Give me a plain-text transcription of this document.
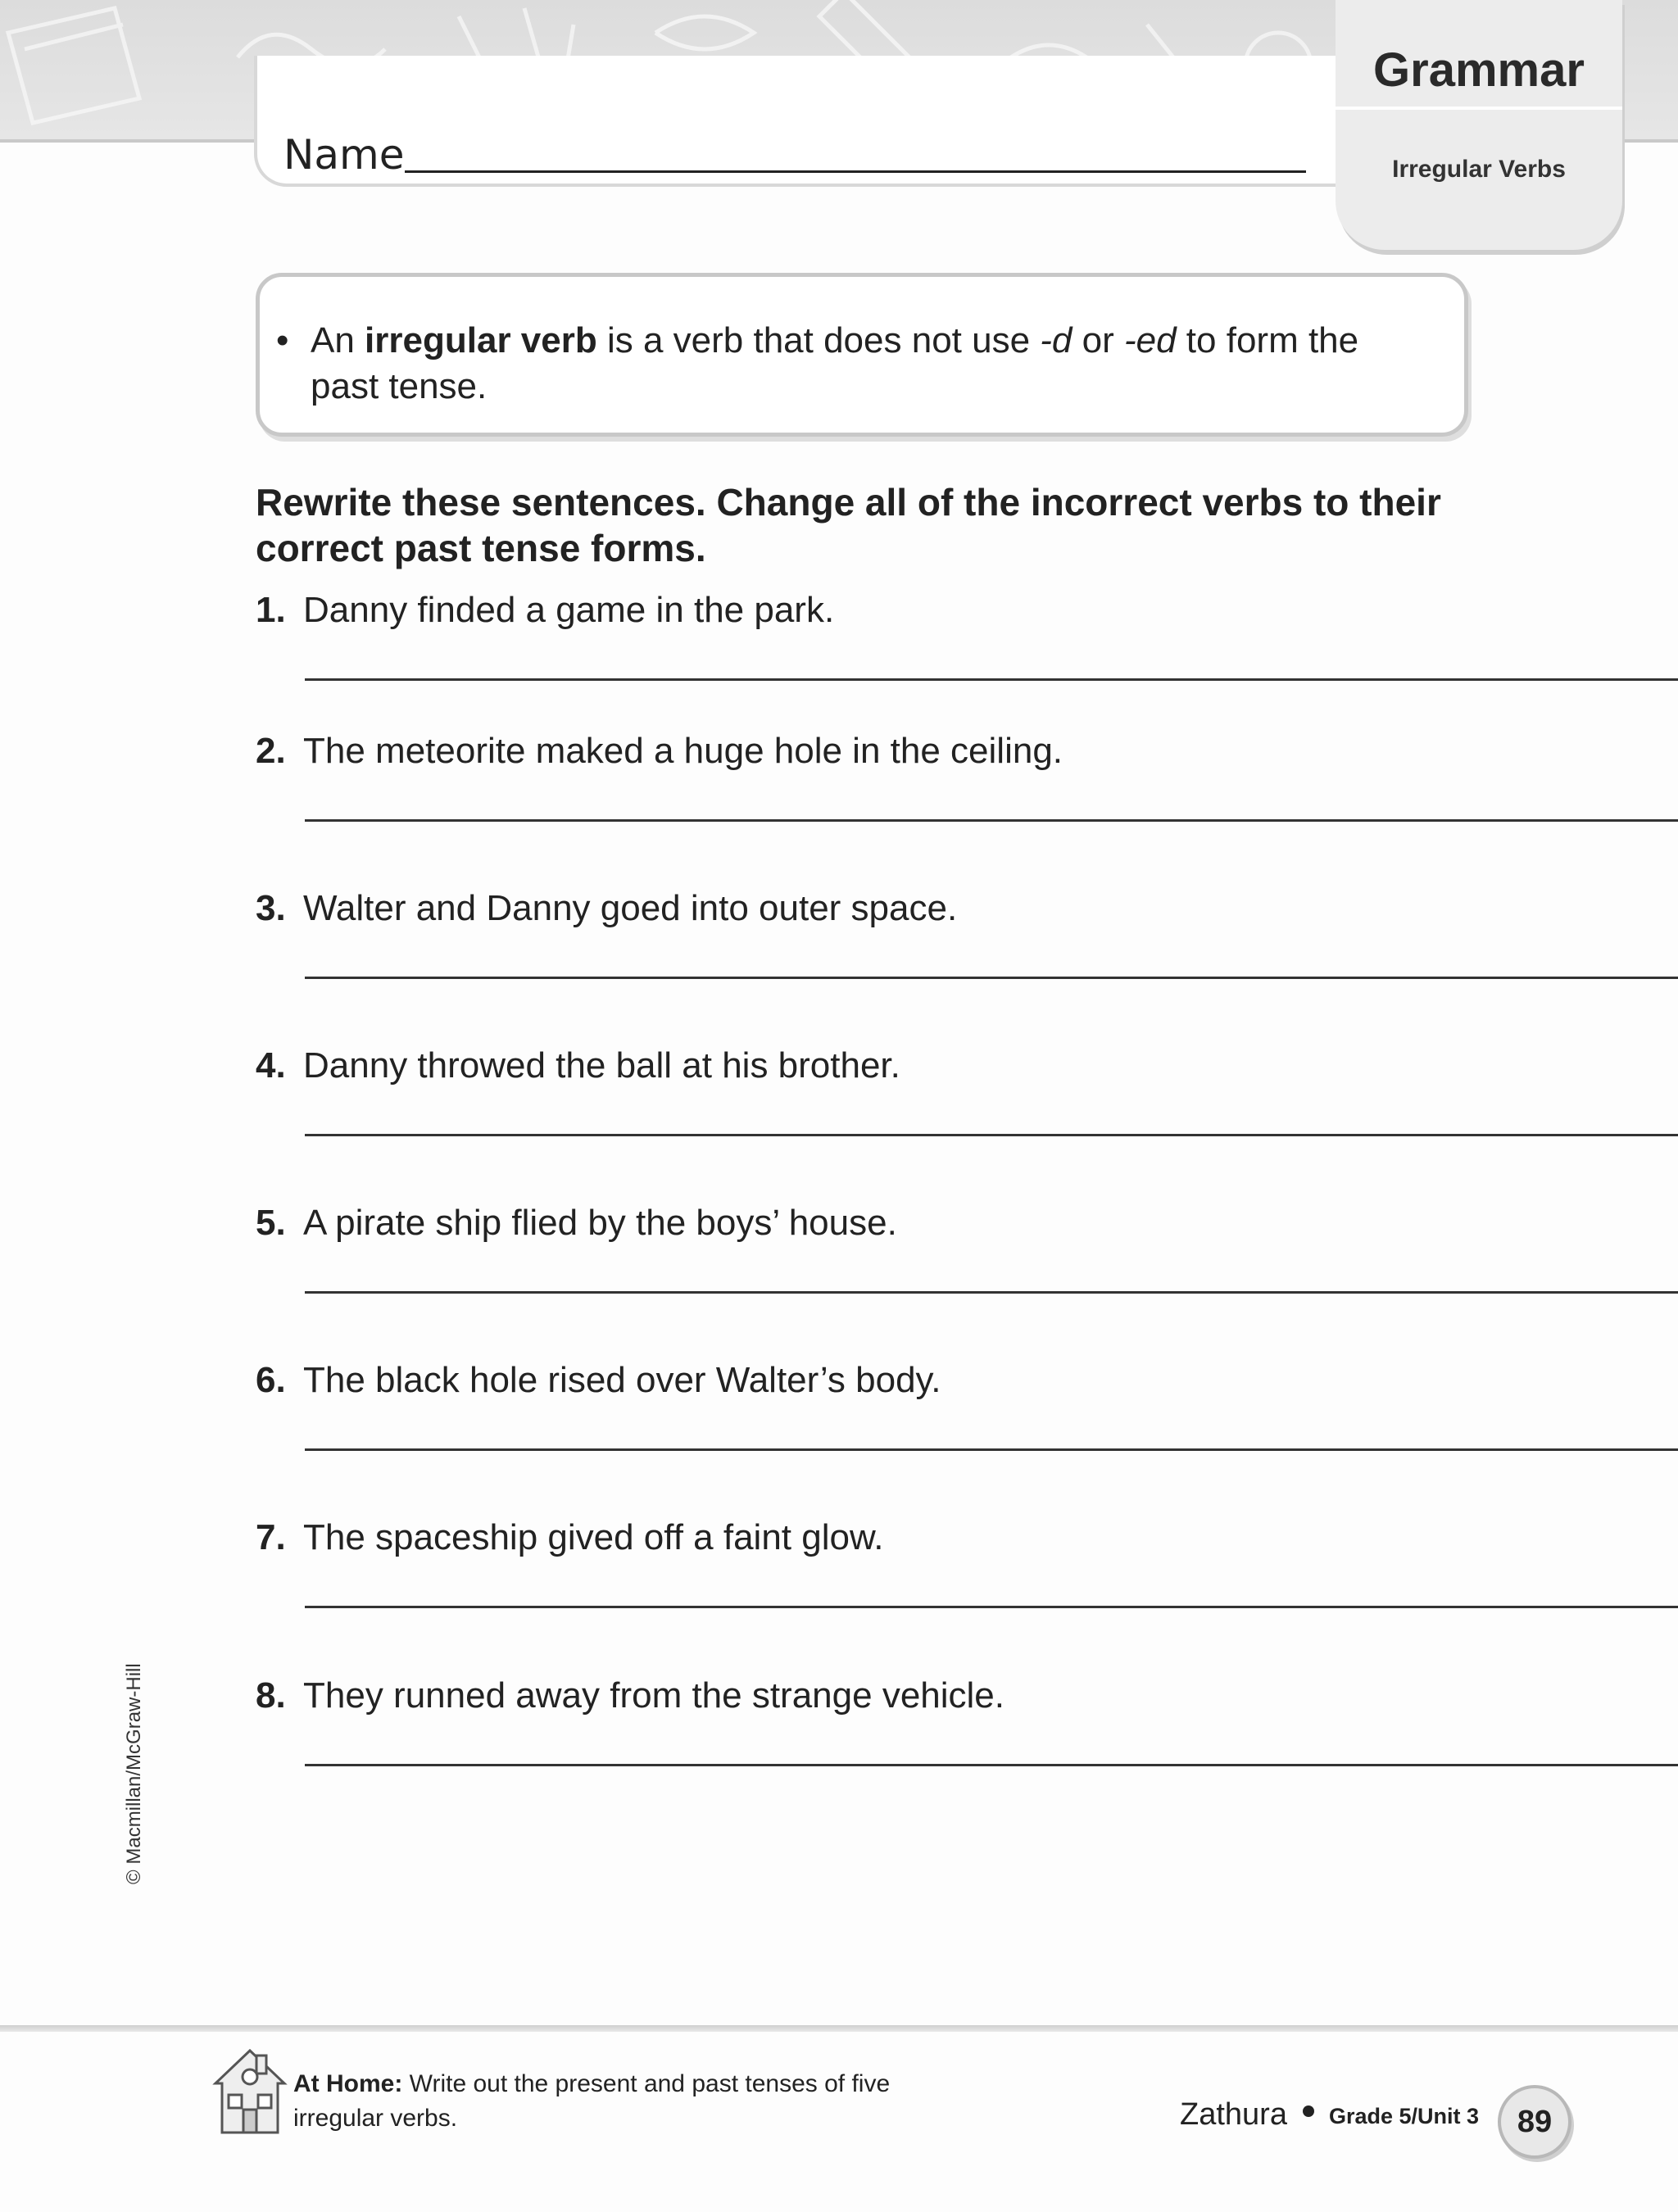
Name
Grammar
Irregular Verbs
• An irregular verb is a verb that does not use -d or -ed to form the past tense.
Rewrite these sentences. Change all of the incorrect verbs to their correct past tense forms.
1. Danny finded a game in the park.
2. The meteorite maked a huge hole in the ceiling.
3. Walter and Danny goed into outer space.
4. Danny throwed the ball at his brother.
5. A pirate ship flied by the boys’ house.
6. The black hole rised over Walter’s body.
7. The spaceship gived off a faint glow.
8. They runned away from the strange vehicle.
© Macmillan/McGraw-Hill
At Home: Write out the present and past tenses of five irregular verbs.	Zathura Grade 5/Unit 3	89
